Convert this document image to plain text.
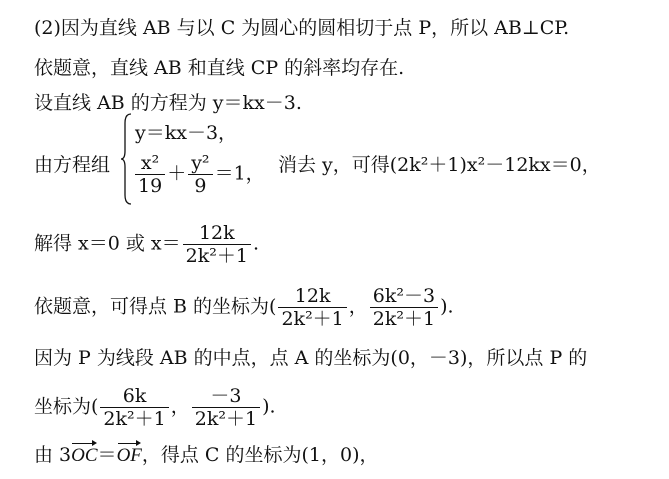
(2)因为直线 AB 与以 C 为圆心的圆相切于点 P，所以 AB⊥CP.
依题意，直线 AB 和直线 CP 的斜率均存在.
设直线 AB 的方程为 y＝kx－3.
由方程组
y＝kx－3，
$\frac{\text{x²}}{19} + \frac{\text{y²}}{9} =1$， 消去 y，可得(2k²＋1)x²－12kx＝0，
解得 x＝0 或 $x= \frac{12k}{\text{2k²＋1}}$ .
依题意，可得点 B 的坐标为( $\frac{12k}{\text{2k²＋1}}$ ， $\frac{\text{6k²－3}}{\text{2k²＋1}}$ ).
因为 P 为线段 AB 的中点，点 A 的坐标为(0，－3)，所以点 P 的
坐标为( $\frac{6k}{\text{2k²＋1}}$ ， $\frac{-3}{\text{2k²＋1}}$ ).
由 3OC＝OF，得点 C 的坐标为(1，0)，
